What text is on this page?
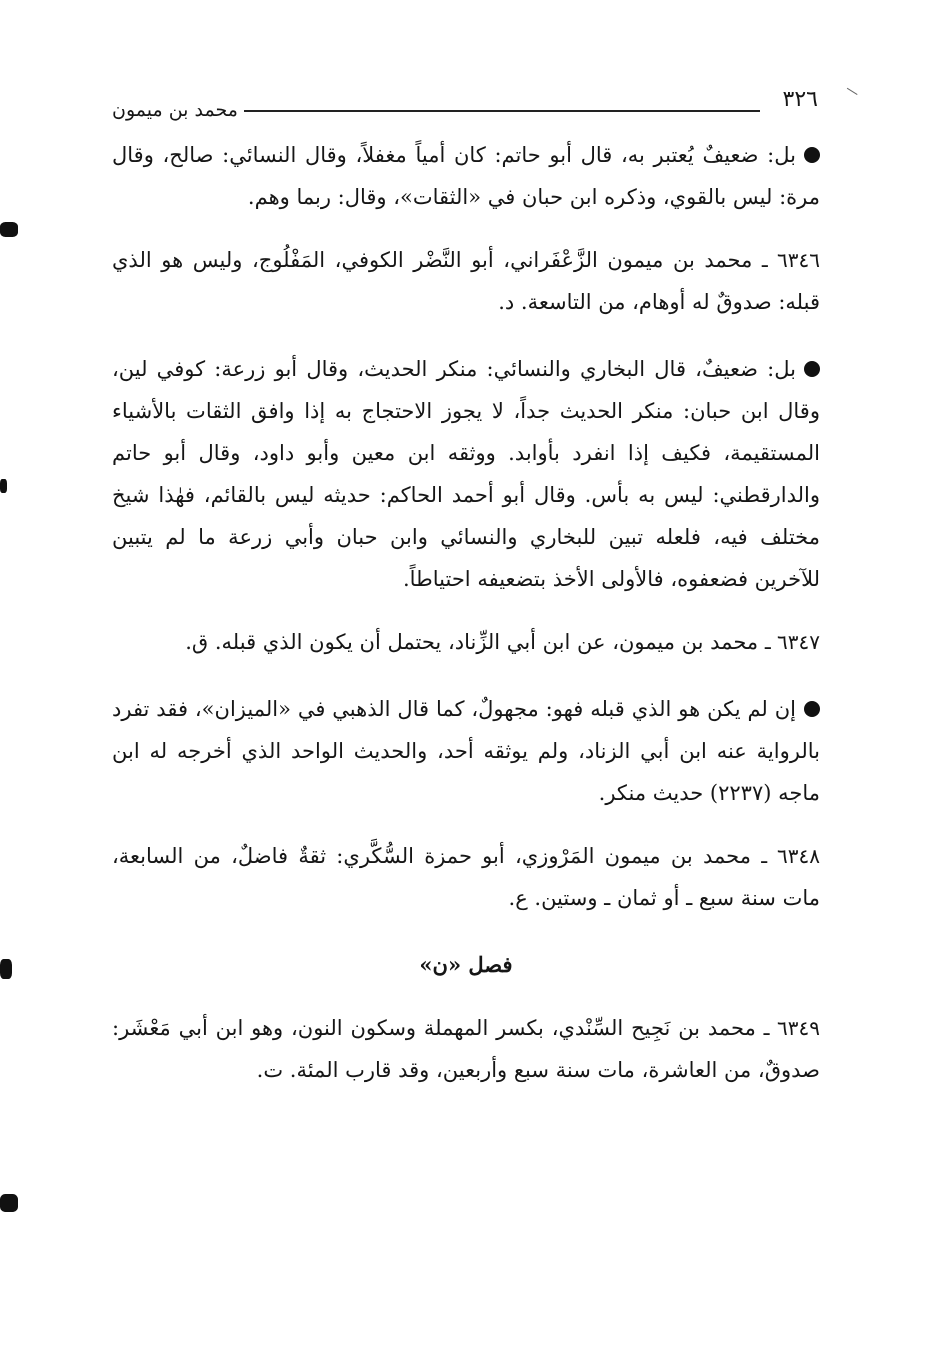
٣٢٦
محمد بن ميمون

بل: ضعيفٌ يُعتبر به، قال أبو حاتم: كان أمياً مغفلاً، وقال النسائي: صالح، وقال مرة: ليس بالقوي، وذكره ابن حبان في «الثقات»، وقال: ربما وهم.

٦٣٤٦ ـ محمد بن ميمون الزَّعْفَراني، أبو النَّضْر الكوفي، المَفْلُوج، وليس هو الذي قبله: صدوقٌ له أوهام، من التاسعة. د.

بل: ضعيفٌ، قال البخاري والنسائي: منكر الحديث، وقال أبو زرعة: كوفي لين، وقال ابن حبان: منكر الحديث جداً، لا يجوز الاحتجاج به إذا وافق الثقات بالأشياء المستقيمة، فكيف إذا انفرد بأوابد. ووثقه ابن معين وأبو داود، وقال أبو حاتم والدارقطني: ليس به بأس. وقال أبو أحمد الحاكم: حديثه ليس بالقائم، فهٰذا شيخ مختلف فيه، فلعله تبين للبخاري والنسائي وابن حبان وأبي زرعة ما لم يتبين للآخرين فضعفوه، فالأولى الأخذ بتضعيفه احتياطاً.

٦٣٤٧ ـ محمد بن ميمون، عن ابن أبي الزِّناد، يحتمل أن يكون الذي قبله. ق.

إن لم يكن هو الذي قبله فهو: مجهولٌ، كما قال الذهبي في «الميزان»، فقد تفرد بالرواية عنه ابن أبي الزناد، ولم يوثقه أحد، والحديث الواحد الذي أخرجه له ابن ماجه (٢٢٣٧) حديث منكر.

٦٣٤٨ ـ محمد بن ميمون المَرْوزي، أبو حمزة السُّكَّري: ثقةٌ فاضلٌ، من السابعة، مات سنة سبع ـ أو ثمان ـ وستين. ع.

فصل «ن»

٦٣٤٩ ـ محمد بن نَجِيح السِّنْدي، بكسر المهملة وسكون النون، وهو ابن أبي مَعْشَر: صدوقٌ، من العاشرة، مات سنة سبع وأربعين، وقد قارب المئة. ت.
